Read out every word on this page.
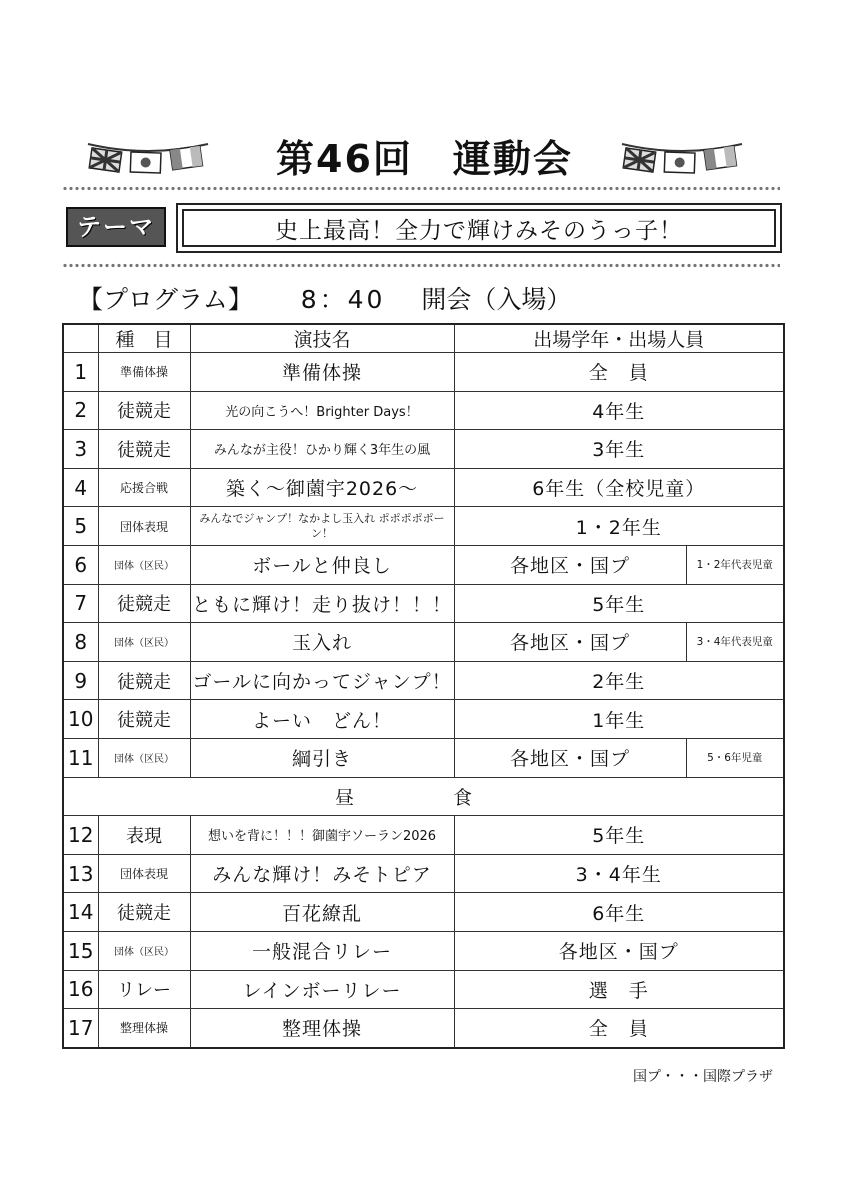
第46回　運動会
テーマ	史上最高！全力で輝けみそのうっ子！
【プログラム】 8：40 開会（入場）
	種　目	演技名	出場学年・出場人員	
1	準備体操	準備体操	全　員	
2	徒競走	光の向こうへ！Brighter Days！	4年生	
3	徒競走	みんなが主役！ひかり輝く3年生の風	3年生	
4	応援合戦	築く～御薗宇2026～	6年生（全校児童）	
5	団体表現	みんなでジャンプ！なかよし玉入れ ポポポポポーン！	1・2年生	
6	団体（区民）	ボールと仲良し	各地区・国プ	1・2年代表児童
7	徒競走	ともに輝け！走り抜け！！！	5年生	
8	団体（区民）	玉入れ	各地区・国プ	3・4年代表児童
9	徒競走	ゴールに向かってジャンプ！	2年生	
10	徒競走	よーい　どん！	1年生	
11	団体（区民）	綱引き	各地区・国プ	5・6年児童
昼　食				
12	表現	想いを背に！！！御薗宇ソーラン2026	5年生	
13	団体表現	みんな輝け！みそトピア	3・4年生	
14	徒競走	百花繚乱	6年生	
15	団体（区民）	一般混合リレー	各地区・国プ	
16	リレー	レインボーリレー	選　手	
17	整理体操	整理体操	全　員	
国プ・・・国際プラザ
